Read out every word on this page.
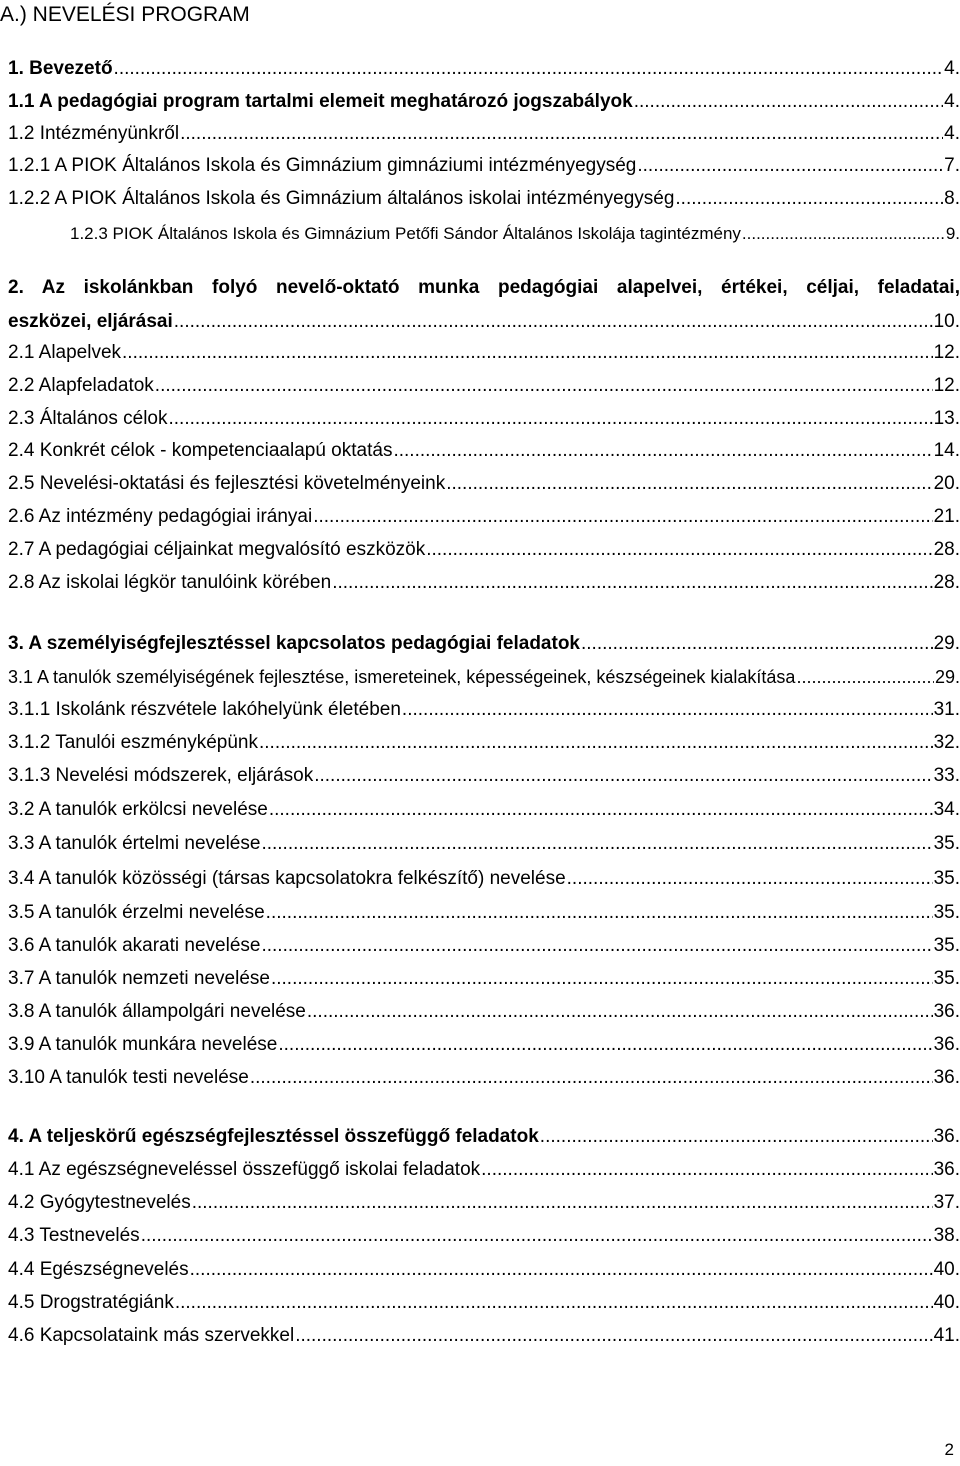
A.) NEVELÉSI PROGRAM
1. Bevezető .....	4.
1.1 A pedagógiai program tartalmi elemeit meghatározó jogszabályok .....	4.
1.2 Intézményünkről .....	4.
1.2.1 A PIOK Általános Iskola és Gimnázium gimnáziumi intézményegység .....	7.
1.2.2 A PIOK Általános Iskola és Gimnázium általános iskolai intézményegység .....	8.
1.2.3 PIOK Általános Iskola és Gimnázium Petőfi Sándor Általános Iskolája tagintézmény .....	9.
2. Az iskolánkban folyó nevelő-oktató munka pedagógiai alapelvei, értékei, céljai, feladatai,
eszközei, eljárásai .....	10.
2.1 Alapelvek .....	12.
2.2 Alapfeladatok .....	12.
2.3 Általános célok .....	13.
2.4 Konkrét célok - kompetenciaalapú oktatás .....	14.
2.5 Nevelési-oktatási és fejlesztési követelményeink .....	20.
2.6 Az intézmény pedagógiai irányai .....	21.
2.7 A pedagógiai céljainkat megvalósító eszközök .....	28.
2.8 Az iskolai légkör tanulóink körében .....	28.
3. A személyiségfejlesztéssel kapcsolatos pedagógiai feladatok .....	29.
3.1 A tanulók személyiségének fejlesztése, ismereteinek, képességeinek, készségeinek kialakítása .....	29.
3.1.1 Iskolánk részvétele lakóhelyünk életében .....	31.
3.1.2 Tanulói eszményképünk .....	32.
3.1.3 Nevelési módszerek, eljárások .....	33.
3.2 A tanulók erkölcsi nevelése .....	34.
3.3 A tanulók értelmi nevelése .....	35.
3.4 A tanulók közösségi (társas kapcsolatokra felkészítő) nevelése .....	35.
3.5 A tanulók érzelmi nevelése .....	35.
3.6 A tanulók akarati nevelése .....	35.
3.7 A tanulók nemzeti nevelése .....	35.
3.8 A tanulók állampolgári nevelése .....	36.
3.9 A tanulók munkára nevelése .....	36.
3.10 A tanulók testi nevelése .....	36.
4. A teljeskörű egészségfejlesztéssel összefüggő feladatok .....	36.
4.1 Az egészségneveléssel összefüggő iskolai feladatok .....	36.
4.2 Gyógytestnevelés .....	37.
4.3 Testnevelés .....	38.
4.4 Egészségnevelés .....	40.
4.5 Drogstratégiánk .....	40.
4.6 Kapcsolataink más szervekkel .....	41.
2
